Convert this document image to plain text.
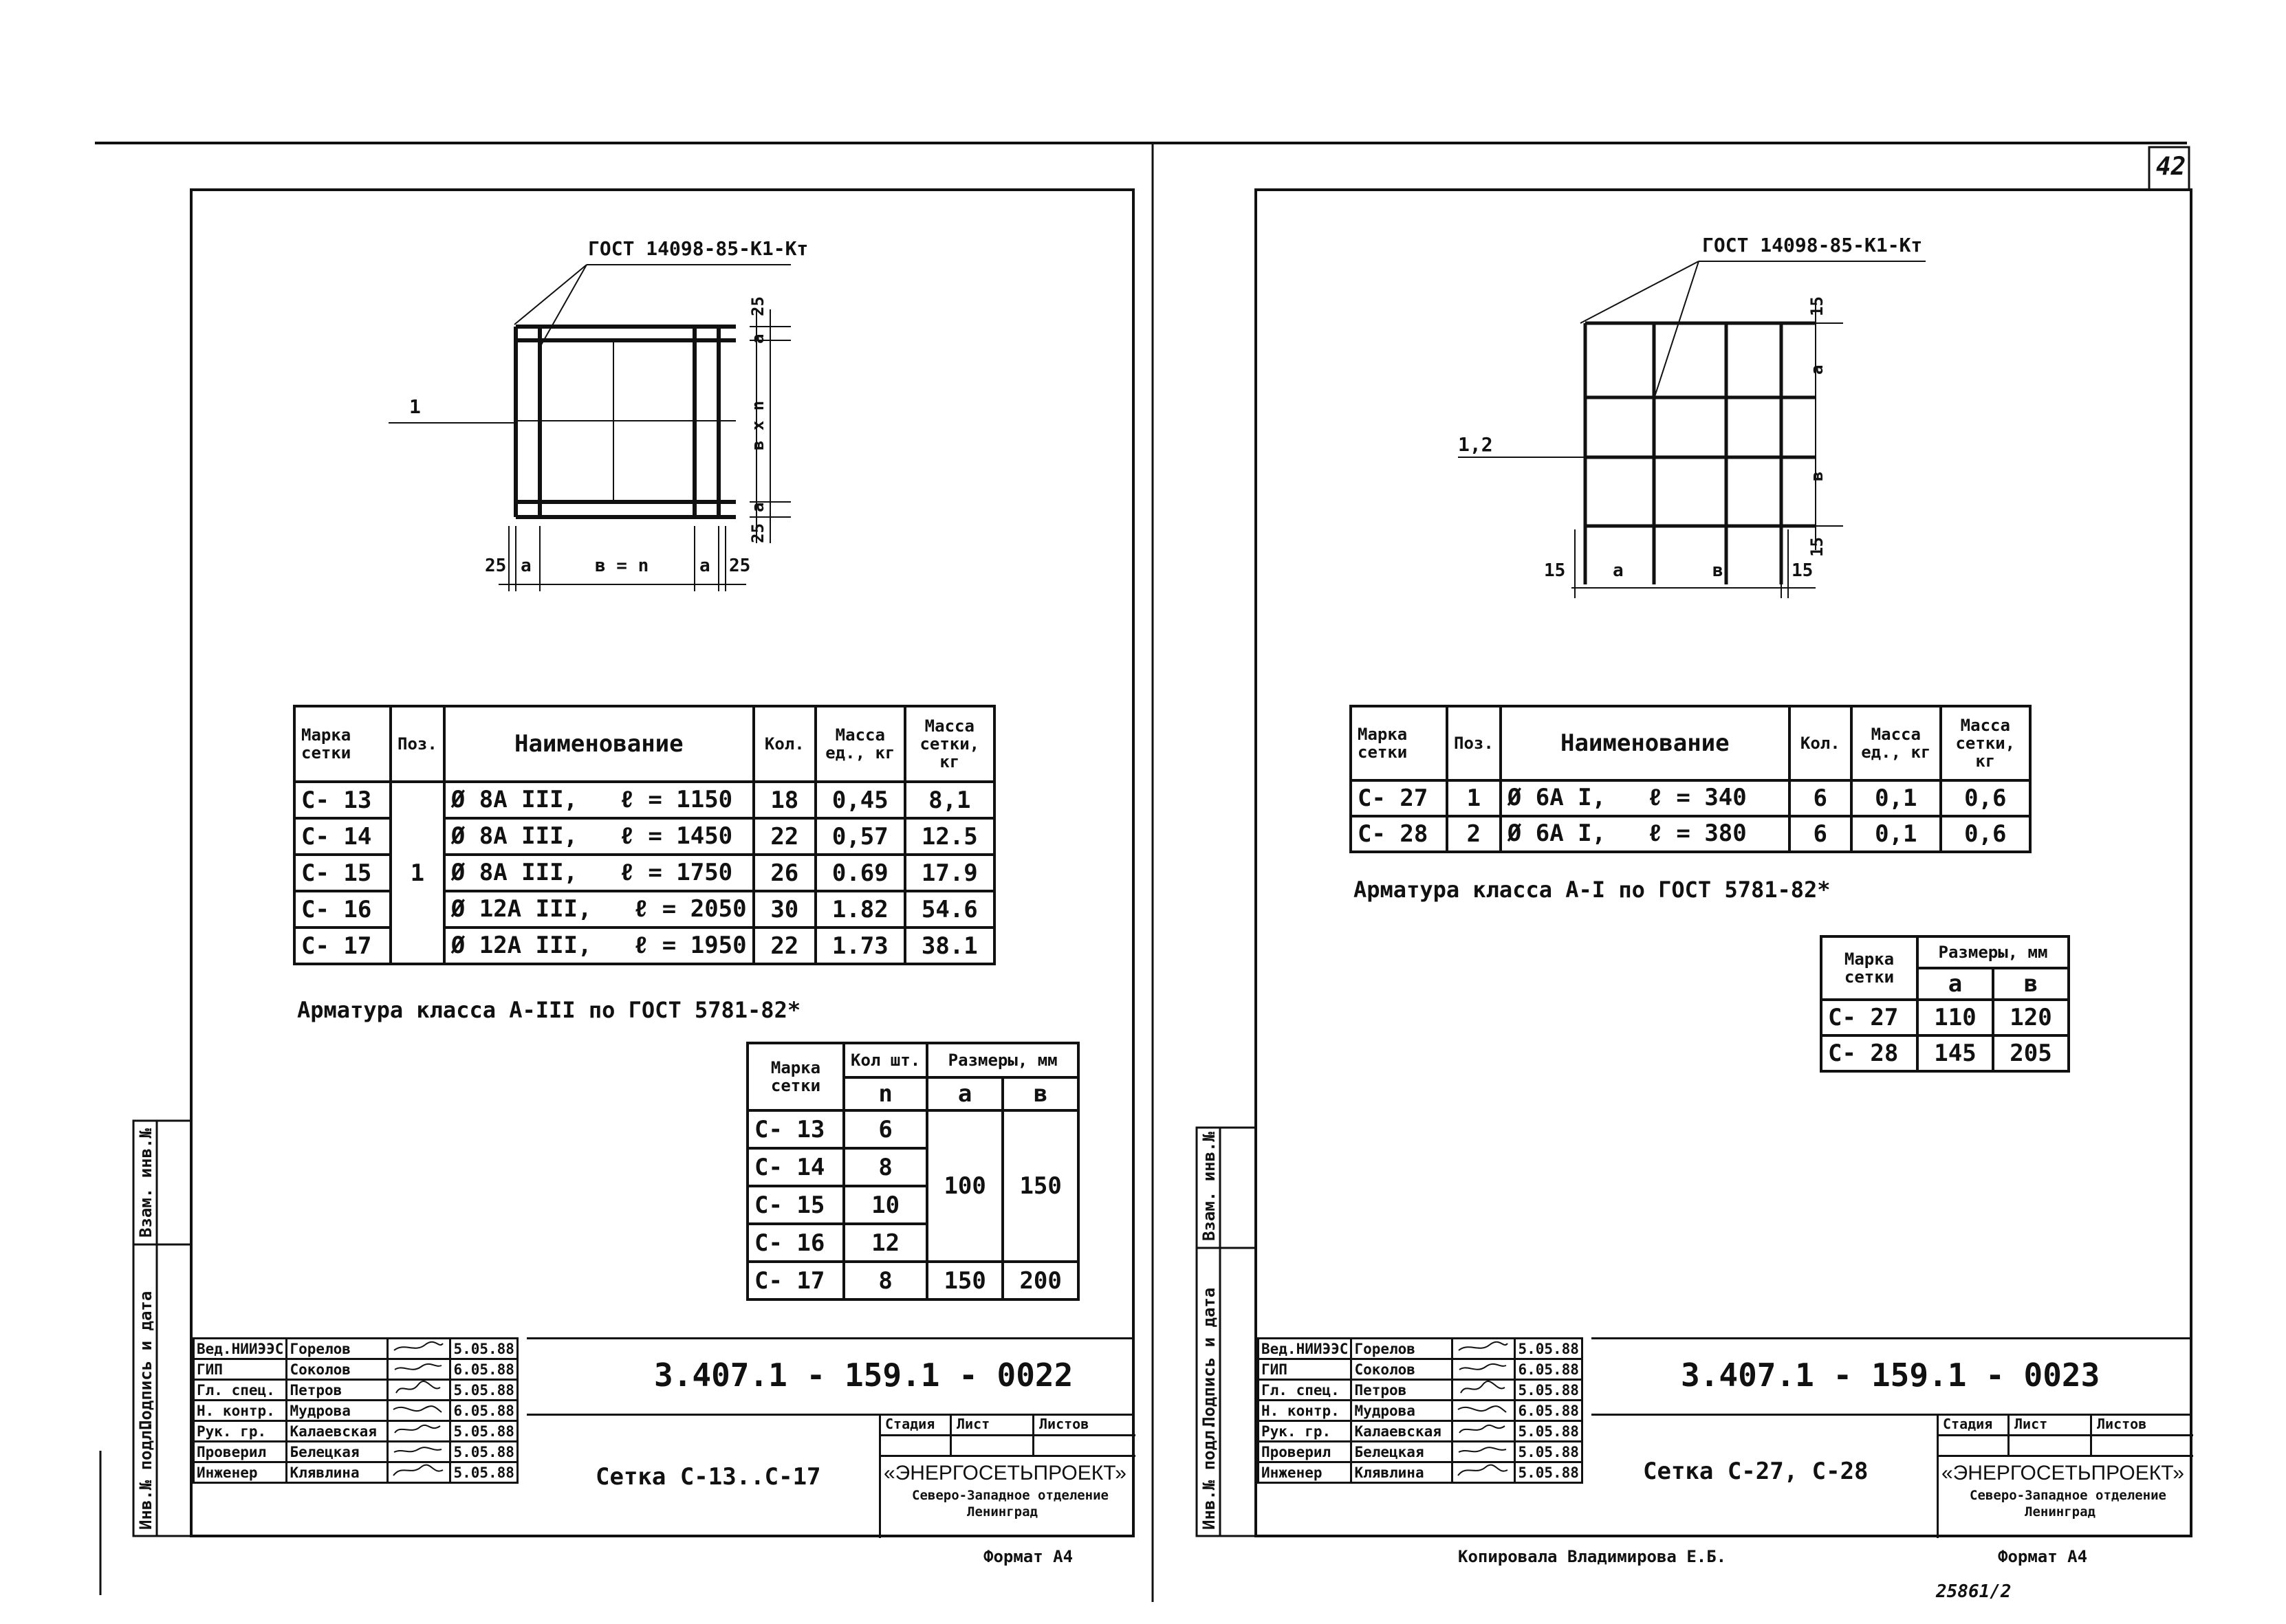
42
ГОСТ 14098-85-К1-Кт
1
25
a
в x n
a
25
25 a	в = n	a 25
Марка сетки	Поз.	Наименование	Кол.	Масса ед., кг	Масса сетки, кг
С- 13	1	Ø 8А III, ℓ = 1150	18	0,45	8,1
С- 14		Ø 8А III, ℓ = 1450	22	0,57	12.5
С- 15		Ø 8А III, ℓ = 1750	26	0.69	17.9
С- 16		Ø 12А III, ℓ = 2050	30	1.82	54.6
С- 17		Ø 12А III, ℓ = 1950	22	1.73	38.1
Арматура класса А-III по ГОСТ 5781-82*
Марка сетки	Кол шт.	Размеры, мм	
	n	a	в
С- 13	6	100	150
С- 14	8		
С- 15	10		
С- 16	12		
С- 17	8	150	200
Вед.НИИЭЭС	Горелов		5.05.88
ГИП	Соколов		6.05.88
Гл. спец.	Петров		5.05.88
Н. контр.	Мудрова		6.05.88
Рук. гр.	Калаевская		5.05.88
Проверил	Белецкая		5.05.88
Инженер	Клявлина		5.05.88
3.407.1 - 159.1 - 0022
Сетка С-13..С-17
Стадия Лист	Листов
«ЭНЕРГОСЕТЬПРОЕКТ»
Северо-Западное отделение
Ленинград
Формат А4
Инв.№ подл.
Подпись и дата
Взам. инв.№
ГОСТ 14098-85-К1-Кт
1,2
15
a
в
15
15	a	в	15
Марка сетки	Поз.	Наименование	Кол.	Масса ед., кг	Масса сетки, кг
С- 27	1	Ø 6А I, ℓ = 340	6	0,1	0,6
С- 28	2	Ø 6А I, ℓ = 380	6	0,1	0,6
Арматура класса А-I по ГОСТ 5781-82*
Марка сетки	Размеры, мм	
	a	в
С- 27	110	120
С- 28	145	205
Вед.НИИЭЭС	Горелов		5.05.88
ГИП	Соколов		6.05.88
Гл. спец.	Петров		5.05.88
Н. контр.	Мудрова		6.05.88
Рук. гр.	Калаевская		5.05.88
Проверил	Белецкая		5.05.88
Инженер	Клявлина		5.05.88
3.407.1 - 159.1 - 0023
Сетка С-27, С-28
Стадия Лист	Листов
«ЭНЕРГОСЕТЬПРОЕКТ»
Северо-Западное отделение
Ленинград
Копировала Владимирова Е.Б.	Формат А4
25861/2
Инв.№ подл.
Подпись и дата
Взам. инв.№
